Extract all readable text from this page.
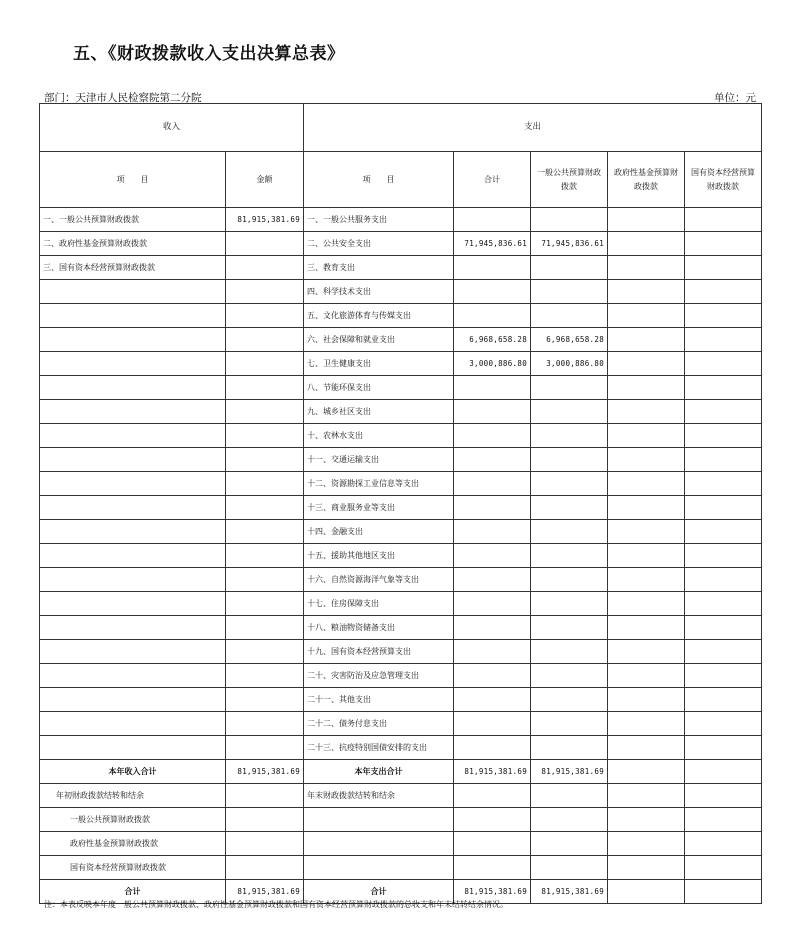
五、《财政拨款收入支出决算总表》
部门：天津市人民检察院第二分院	单位：元
收入		支出				
项　　目	金额	项　　目	合计	一般公共预算财政拨款	政府性基金预算财政拨款	国有资本经营预算财政拨款
一、一般公共预算财政拨款	81,915,381.69	一、一般公共服务支出				
二、政府性基金预算财政拨款		二、公共安全支出	71,945,836.61	71,945,836.61		
三、国有资本经营预算财政拨款		三、教育支出				
		四、科学技术支出				
		五、文化旅游体育与传媒支出				
		六、社会保障和就业支出	6,968,658.28	6,968,658.28		
		七、卫生健康支出	3,000,886.80	3,000,886.80		
		八、节能环保支出				
		九、城乡社区支出				
		十、农林水支出				
		十一、交通运输支出				
		十二、资源勘探工业信息等支出				
		十三、商业服务业等支出				
		十四、金融支出				
		十五、援助其他地区支出				
		十六、自然资源海洋气象等支出				
		十七、住房保障支出				
		十八、粮油物资储备支出				
		十九、国有资本经营预算支出				
		二十、灾害防治及应急管理支出				
		二十一、其他支出				
		二十二、债务付息支出				
		二十三、抗疫特别国债安排的支出				
本年收入合计	81,915,381.69	本年支出合计	81,915,381.69	81,915,381.69		
年初财政拨款结转和结余		年末财政拨款结转和结余				
一般公共预算财政拨款						
政府性基金预算财政拨款						
国有资本经营预算财政拨款						
合计	81,915,381.69	合计	81,915,381.69	81,915,381.69		
注：本表反映本年度一般公共预算财政拨款、政府性基金预算财政拨款和国有资本经营预算财政拨款的总收支和年末结转结余情况。
